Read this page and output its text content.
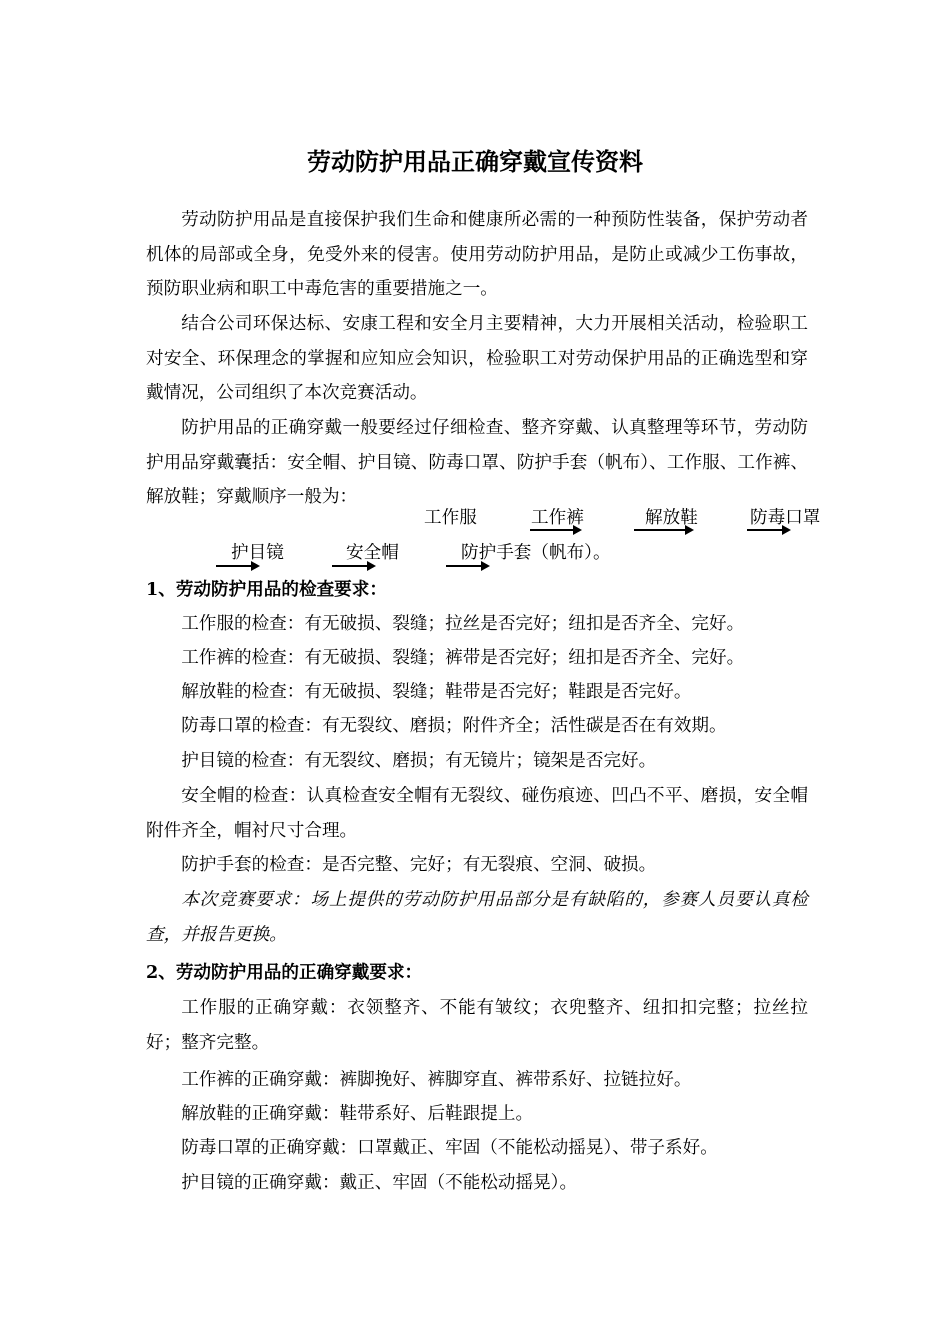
劳动防护用品正确穿戴宣传资料

劳动防护用品是直接保护我们生命和健康所必需的一种预防性装备，保护劳动者机体的局部或全身，免受外来的侵害。使用劳动防护用品，是防止或减少工伤事故，预防职业病和职工中毒危害的重要措施之一。

结合公司环保达标、安康工程和安全月主要精神，大力开展相关活动，检验职工对安全、环保理念的掌握和应知应会知识，检验职工对劳动保护用品的正确选型和穿戴情况，公司组织了本次竞赛活动。

防护用品的正确穿戴一般要经过仔细检查、整齐穿戴、认真整理等环节，劳动防护用品穿戴囊括：安全帽、护目镜、防毒口罩、防护手套（帆布）、工作服、工作裤、解放鞋；穿戴顺序一般为：

工作服	工作裤	解放鞋	防毒口罩
护目镜	安全帽	防护手套（帆布）。

1、劳动防护用品的检查要求：

工作服的检查：有无破损、裂缝；拉丝是否完好；纽扣是否齐全、完好。

工作裤的检查：有无破损、裂缝；裤带是否完好；纽扣是否齐全、完好。

解放鞋的检查：有无破损、裂缝；鞋带是否完好；鞋跟是否完好。

防毒口罩的检查：有无裂纹、磨损；附件齐全；活性碳是否在有效期。

护目镜的检查：有无裂纹、磨损；有无镜片；镜架是否完好。

安全帽的检查：认真检查安全帽有无裂纹、碰伤痕迹、凹凸不平、磨损，安全帽附件齐全，帽衬尺寸合理。

防护手套的检查：是否完整、完好；有无裂痕、空洞、破损。

本次竞赛要求：场上提供的劳动防护用品部分是有缺陷的，参赛人员要认真检查，并报告更换。

2、劳动防护用品的正确穿戴要求：

工作服的正确穿戴：衣领整齐、不能有皱纹；衣兜整齐、纽扣扣完整；拉丝拉好；整齐完整。

工作裤的正确穿戴：裤脚挽好、裤脚穿直、裤带系好、拉链拉好。

解放鞋的正确穿戴：鞋带系好、后鞋跟提上。

防毒口罩的正确穿戴：口罩戴正、牢固（不能松动摇晃）、带子系好。

护目镜的正确穿戴：戴正、牢固（不能松动摇晃）。
